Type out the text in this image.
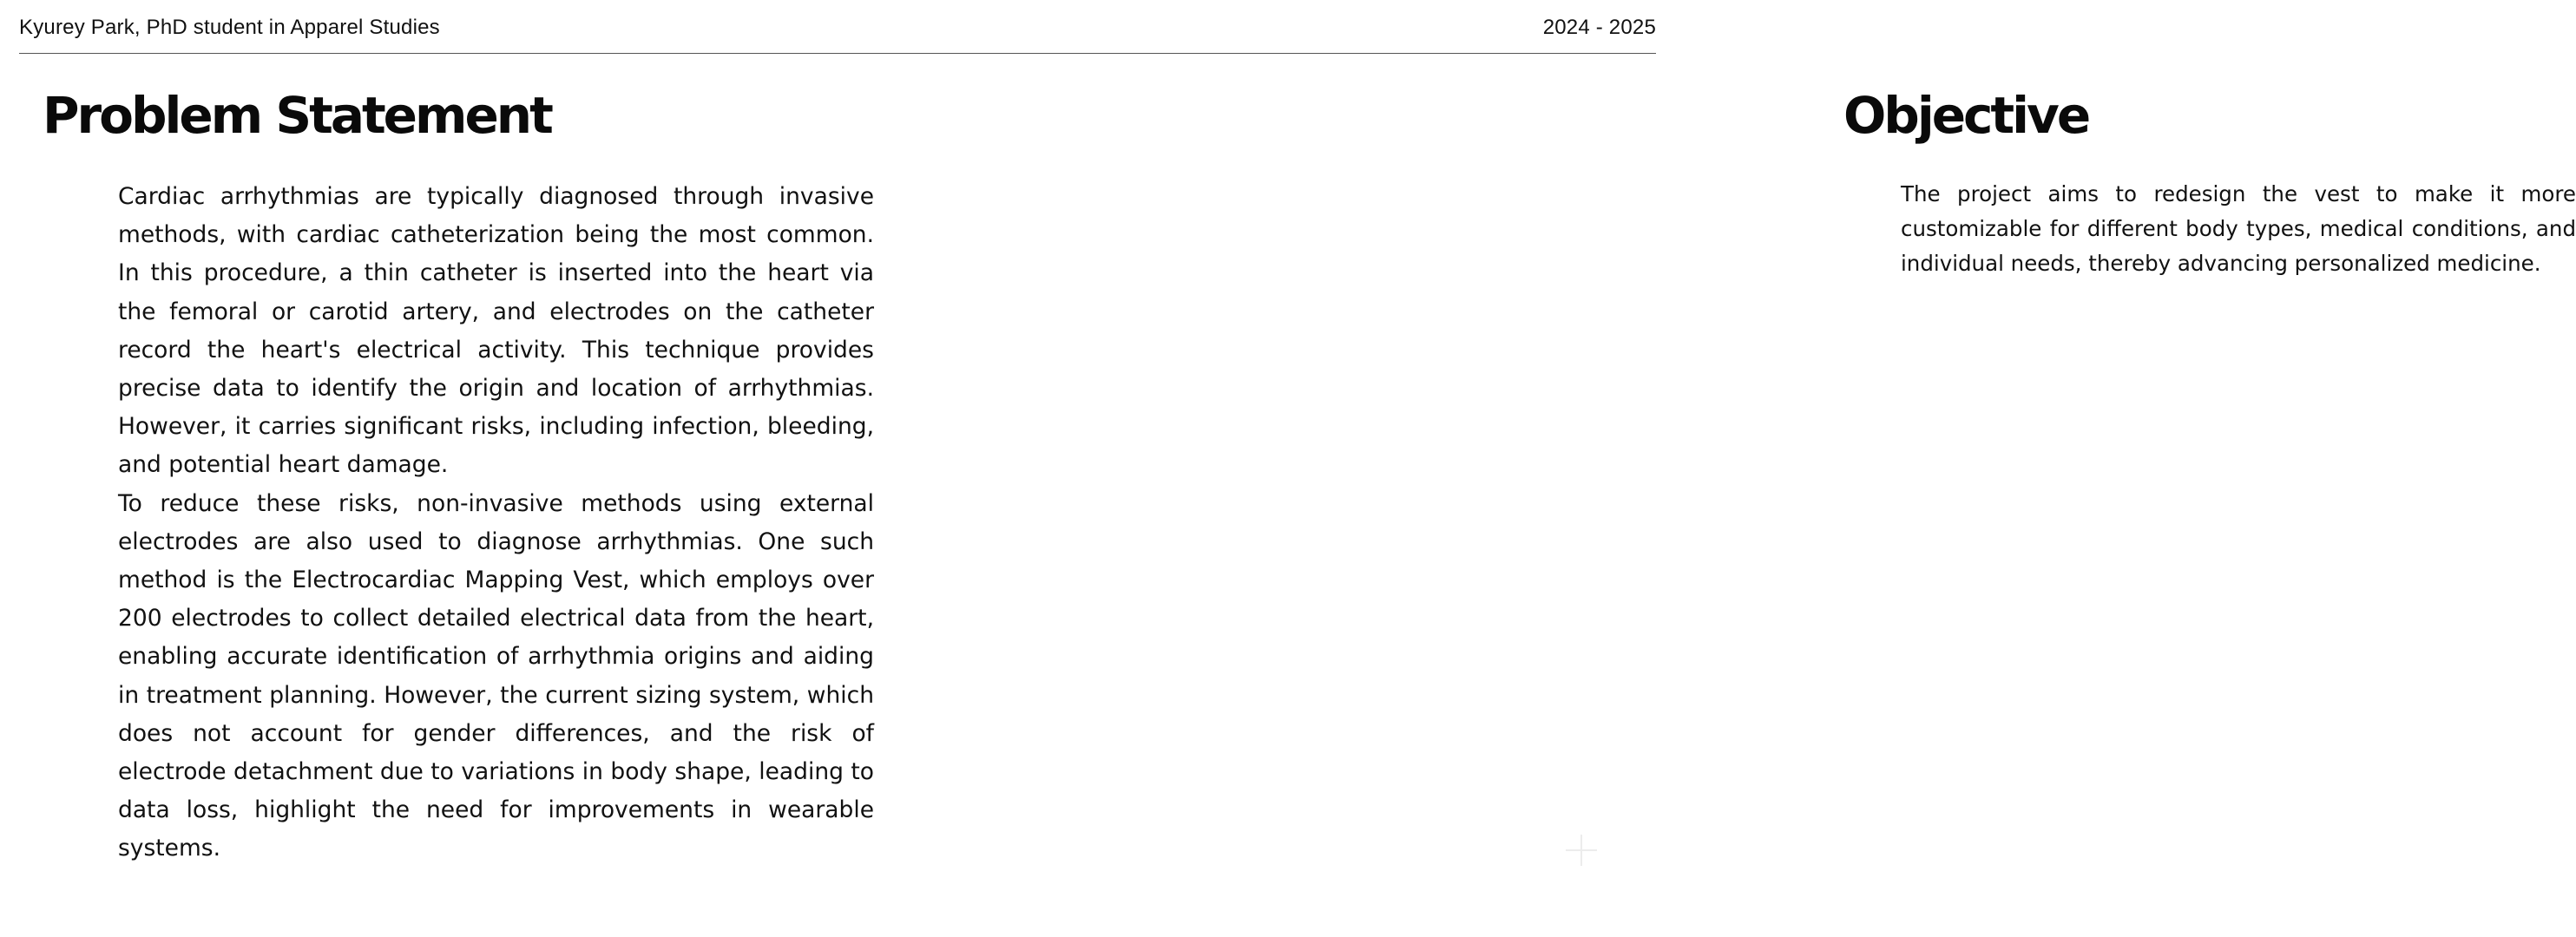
Kyurey Park, PhD student in Apparel Studies	2024 - 2025
Problem Statement

Cardiac arrhythmias are typically diagnosed through invasive methods, with cardiac catheterization being the most common. In this procedure, a thin catheter is inserted into the heart via the femoral or carotid artery, and electrodes on the catheter record the heart's electrical activity. This technique provides precise data to identify the origin and location of arrhythmias. However, it carries significant risks, including infection, bleeding, and potential heart damage.

To reduce these risks, non-invasive methods using external electrodes are also used to diagnose arrhythmias. One such method is the Electrocardiac Mapping Vest, which employs over 200 electrodes to collect detailed electrical data from the heart, enabling accurate identification of arrhythmia origins and aiding in treatment planning. However, the current sizing system, which does not account for gender differences, and the risk of electrode detachment due to variations in body shape, leading to data loss, highlight the need for improvements in wearable systems.

Objective

The project aims to redesign the vest to make it more customizable for different body types, medical conditions, and individual needs, thereby advancing personalized medicine.
